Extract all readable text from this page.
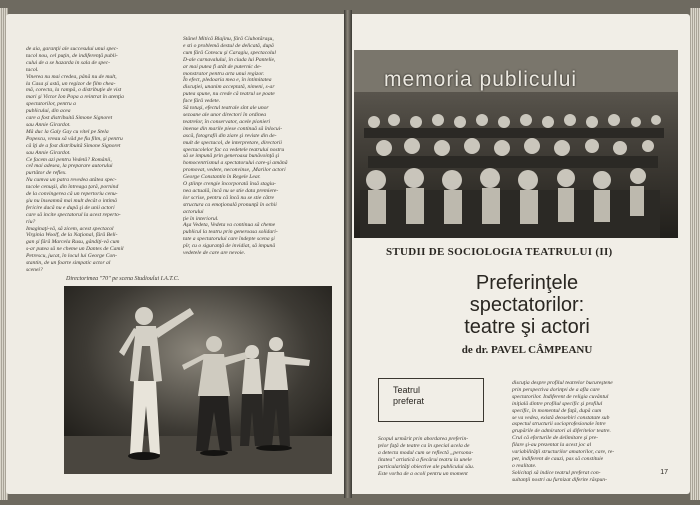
de aia, garanţii ale succesului unui spec-
tacol nou, cel puţin, de indiferenţă publi-
cului de a se hazarda in sala de spec-
tacol.
Vinerea nu mai credea, până nu de mult,
la Casa şi astă, un regizor de film chea-
mă, corecta, la rampă, o distribuţie de vist
mari şi Victor Ion Popa a reintrat în atenţia
spectatorilor, pentru a
publicului, din acea
care a fost distribuită Simone Signoret
sau Annie Girardot.
Mă duc la Galy Gay cu vitel pe Stela
Popescu, vreau să văd pe fiu film, şi pentru
că îţi de a fost distribuită Simone Signoret
sau Annie Girardot.
Ce facem azi pentru Vedetă? Românii,
ceI mai adesea, la preparare autorului
purtător de reflex.
Nu cumva un patra revedea atâtea spec-
tacole cenuşii, din întreaga ţară, pornind
de la convingerea că un repertoriu cenu-
şiu nu înseamnă mai mult decât o intimă
fericire dacă nu e după şi de unii actori
care să incite spectatorul la acest reperto-
riu?
Imaginaţi-vă, să zicem, acest spectacol
Virginia Woolf, de la Naţional, fără Beli-
gan şi fără Marcela Rusu, gândiţi-vă cum
s-ar putea să ne cheme un Dantes de Camil
Petrescu, jucat, în locul lui George Con-
stantin, de un foarte simpatic actor al
scenei?
Stănel Mitică Blajinu, fără Ciubotăraşu,
e sti o problemă destul de delicată, după
cum fără Cotescu şi Caragiu, spectacolul
D-ale carnavalului, în ciuda lui Pantelie,
ar mai putea fi atât de puternic de-
monstrator pentru arta unui regizor.
În efect, pledoaria mea e, în intimitatea
discuţiei, unanim acceptată, nimeni, s-ar
putea spune, nu crede că teatrul se poate
face fără vedete.
Să totuşi, efectul teatrale sînt ale unor
sezoane ale unor directori în ordinea
teatrelor, în conservator, acele pionieri
imense din marile piese continuă să înlocui-
ască, fotografii din ziare şi reviste din de-
mult de spectacol, de interpretare, directorii
spectacolelor fac ca vedetele teatrului nostru
să se impună prin generoasa bunăvoinţă şi
homocentrismul a spectatorului care-şi amână
promovat, vedete, neconvinse, ,Marilor actori
George Constantin în Regele Lear.
O ştiinţe crengie încorporată însă stagiu-
nea actuală, încă nu se stie data premiere-
lor scrise, pentru că încă nu se stie către
structura ca emoţională pronunţă în ochii
actorului
ţie în interiorul.
Aşa Vedeta, Vedeta va continua să cheme
publicul la teatru prin generoasa solidari-
tate a spectatorului care îndepte scena şi
pîr, cu o siguranţă de invidiat, să impună
vedetele de care are nevoie.
Directorimea "70" pe scena Studioului I.A.T.C.
memoria publicului
STUDII DE SOCIOLOGIA TEATRULUI (II)
Preferinţele
spectatorilor:
teatre şi actori
de dr. PAVEL CÂMPEANU
Teatrul
preferat
Scopul urmărit prin abordarea preferin-
ţelor faţă de teatre ca în special acela de
a detecta modul cum se reflectă „persona-
litatea" artistică a fiecărui teatru la unele
particularităţi obiective ale publicului său.
Este vorba de a ocoli pentru un moment
discuţia despre profilul teatrelor bucureştene
prin perspectiva dorinţei de a afla care
spectatorilor. Indiferent de religia cuvântul
iniţială dintre profilul specific şi profilul
specific, în momentul de faţă, după cum
se va vedea, există deosebiri constatate sub
aspectul structurii socioprofesionale între
grupările de admiratori ai diferitelor teatre.
Crul că eforturile de delimitare şi pre-
filare şi-au prezentat la acest joc al
variabilităţii structurilor amatorilor, care, re-
pet, indiferent de cauzi, pas să constituie
o realitate.
Solicitaţi să indice teatrul preferat con-
sultanţii nostri au furnizat diferite răspun-
17
